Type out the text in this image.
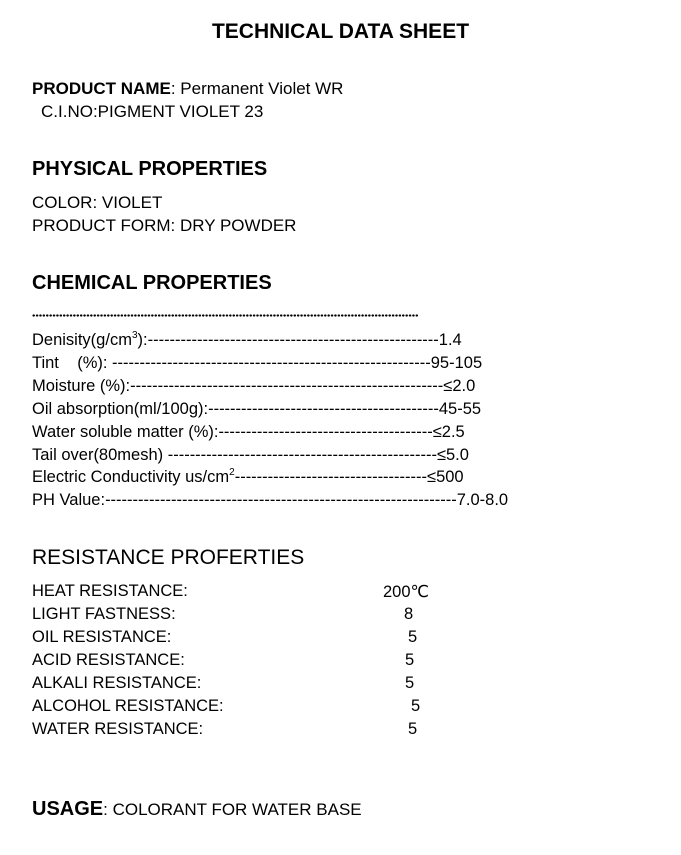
TECHNICAL DATA SHEET
PRODUCT NAME: Permanent Violet WR
C.I.NO:PIGMENT VIOLET 23
PHYSICAL PROPERTIES
COLOR: VIOLET
PRODUCT FORM: DRY POWDER
CHEMICAL PROPERTIES
$Denisity(g/cm^3):-----------------------------------------------------1.4$
Tint    (%): ----------------------------------------------------------95-105
Moisture (%):---------------------------------------------------------≤2.0
Oil absorption(ml/100g):------------------------------------------45-55
Water soluble matter (%):---------------------------------------≤2.5
Tail over(80mesh) -------------------------------------------------≤5.0
Electric Conductivity $us/cm^2-----------------------------------\le 500$
PH Value:----------------------------------------------------------------7.0-8.0
RESISTANCE PROFERTIES
HEAT RESISTANCE:	200℃
LIGHT FASTNESS:	8
OIL RESISTANCE:	5
ACID RESISTANCE:	5
ALKALI RESISTANCE:	5
ALCOHOL RESISTANCE:	5
WATER RESISTANCE:	5
USAGE: COLORANT FOR WATER BASE
